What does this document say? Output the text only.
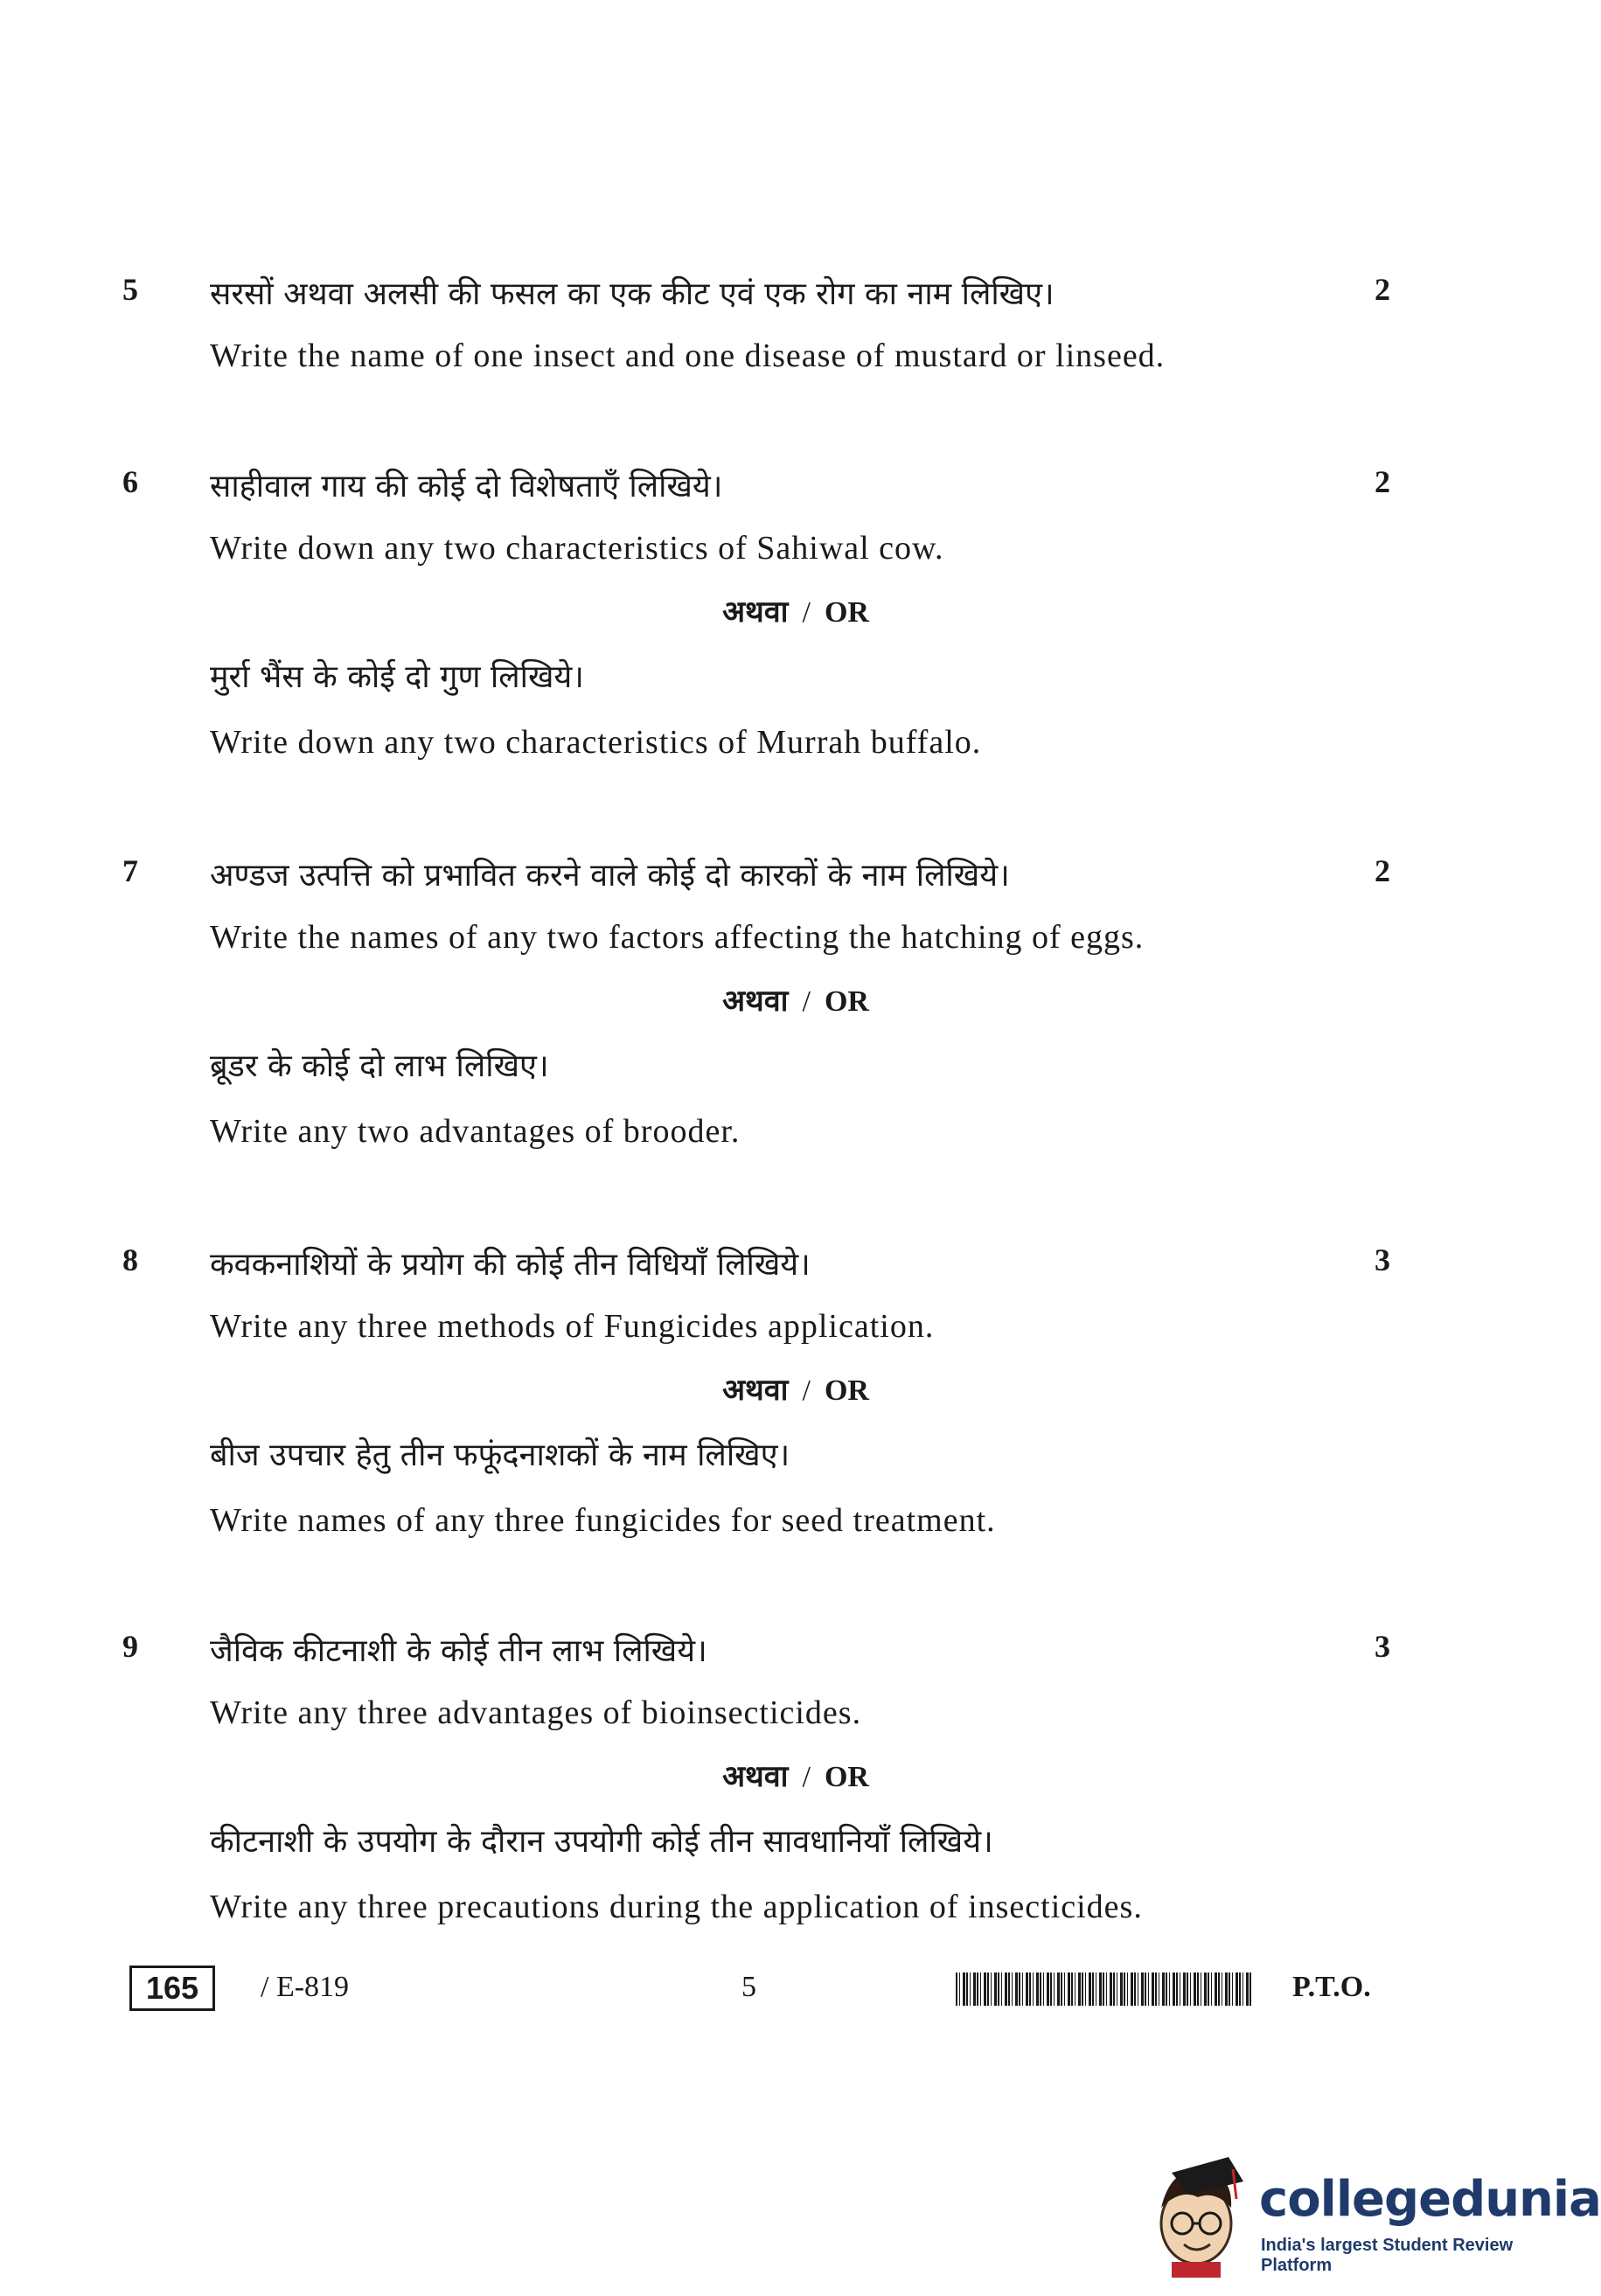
5 सरसों अथवा अलसी की फसल का एक कीट एवं एक रोग का नाम लिखिए।	2
Write the name of one insect and one disease of mustard or linseed.
6 साहीवाल गाय की कोई दो विशेषताएँ लिखिये।	2
Write down any two characteristics of Sahiwal cow.
अथवा / OR
मुर्रा भैंस के कोई दो गुण लिखिये।
Write down any two characteristics of Murrah buffalo.
7 अण्डज उत्पत्ति को प्रभावित करने वाले कोई दो कारकों के नाम लिखिये।	2
Write the names of any two factors affecting the hatching of eggs.
अथवा / OR
ब्रूडर के कोई दो लाभ लिखिए।
Write any two advantages of brooder.
8 कवकनाशियों के प्रयोग की कोई तीन विधियाँ लिखिये।	3
Write any three methods of Fungicides application.
अथवा / OR
बीज उपचार हेतु तीन फफूंदनाशकों के नाम लिखिए।
Write names of any three fungicides for seed treatment.
9 जैविक कीटनाशी के कोई तीन लाभ लिखिये।	3
Write any three advantages of bioinsecticides.
अथवा / OR
कीटनाशी के उपयोग के दौरान उपयोगी कोई तीन सावधानियाँ लिखिये।
Write any three precautions during the application of insecticides.
165	/ E-819	5	P.T.O.
collegedunia
India's largest Student Review Platform
